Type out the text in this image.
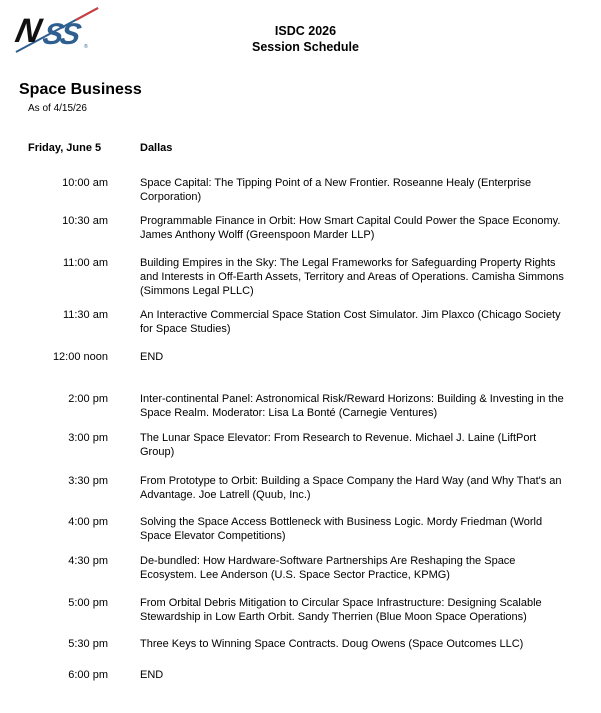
N
SS ®
ISDC 2026
Session Schedule
Space Business
As of 4/15/26
Friday, June 5	Dallas
10:00 am	Space Capital: The Tipping Point of a New Frontier. Roseanne Healy (Enterprise Corporation)
10:30 am	Programmable Finance in Orbit: How Smart Capital Could Power the Space Economy. James Anthony Wolff (Greenspoon Marder LLP)
11:00 am	Building Empires in the Sky: The Legal Frameworks for Safeguarding Property Rights and Interests in Off-Earth Assets, Territory and Areas of Operations. Camisha Simmons (Simmons Legal PLLC)
11:30 am	An Interactive Commercial Space Station Cost Simulator. Jim Plaxco (Chicago Society for Space Studies)
12:00 noon	END
2:00 pm	Inter-continental Panel: Astronomical Risk/Reward Horizons: Building & Investing in the Space Realm. Moderator: Lisa La Bonté (Carnegie Ventures)
3:00 pm	The Lunar Space Elevator: From Research to Revenue. Michael J. Laine (LiftPort Group)
3:30 pm	From Prototype to Orbit: Building a Space Company the Hard Way (and Why That's an Advantage. Joe Latrell (Quub, Inc.)
4:00 pm	Solving the Space Access Bottleneck with Business Logic. Mordy Friedman (World Space Elevator Competitions)
4:30 pm	De-bundled: How Hardware-Software Partnerships Are Reshaping the Space Ecosystem. Lee Anderson (U.S. Space Sector Practice, KPMG)
5:00 pm	From Orbital Debris Mitigation to Circular Space Infrastructure: Designing Scalable Stewardship in Low Earth Orbit. Sandy Therrien (Blue Moon Space Operations)
5:30 pm	Three Keys to Winning Space Contracts. Doug Owens (Space Outcomes LLC)
6:00 pm	END
